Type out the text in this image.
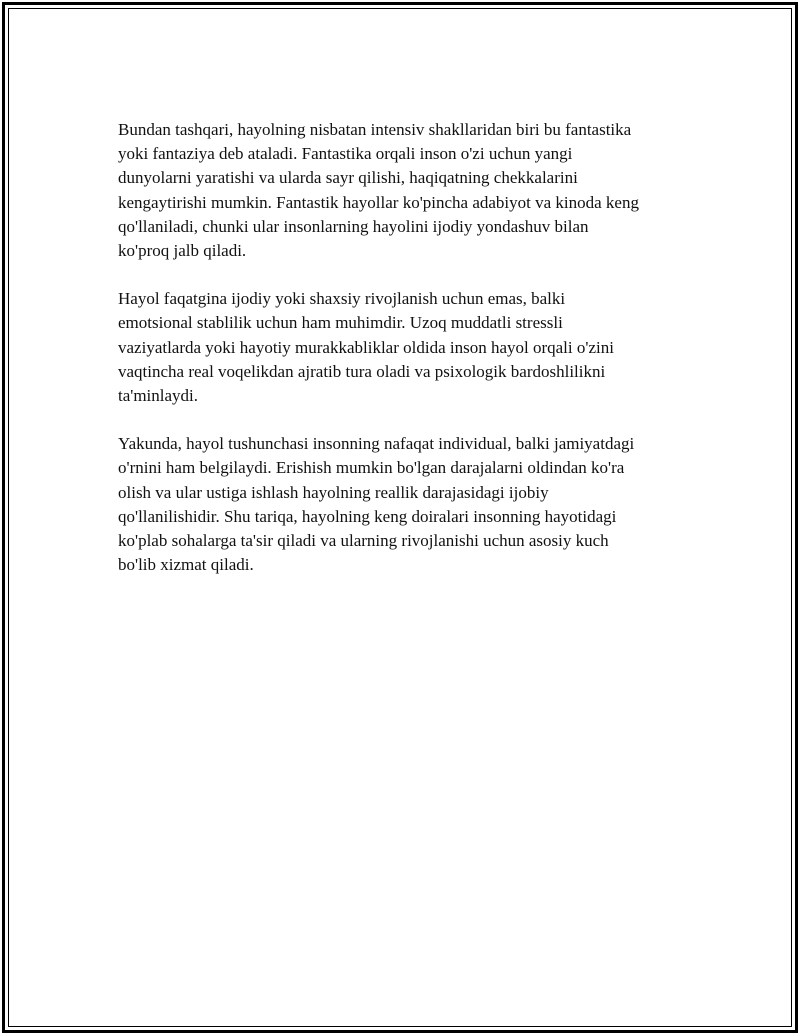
Bundan tashqari, hayolning nisbatan intensiv shakllaridan biri bu fantastika
yoki fantaziya deb ataladi. Fantastika orqali inson o'zi uchun yangi
dunyolarni yaratishi va ularda sayr qilishi, haqiqatning chekkalarini
kengaytirishi mumkin. Fantastik hayollar ko'pincha adabiyot va kinoda keng
qo'llaniladi, chunki ular insonlarning hayolini ijodiy yondashuv bilan
ko'proq jalb qiladi.

Hayol faqatgina ijodiy yoki shaxsiy rivojlanish uchun emas, balki
emotsional stablilik uchun ham muhimdir. Uzoq muddatli stressli
vaziyatlarda yoki hayotiy murakkabliklar oldida inson hayol orqali o'zini
vaqtincha real voqelikdan ajratib tura oladi va psixologik bardoshlilikni
ta'minlaydi.

Yakunda, hayol tushunchasi insonning nafaqat individual, balki jamiyatdagi
o'rnini ham belgilaydi. Erishish mumkin bo'lgan darajalarni oldindan ko'ra
olish va ular ustiga ishlash hayolning reallik darajasidagi ijobiy
qo'llanilishidir. Shu tariqa, hayolning keng doiralari insonning hayotidagi
ko'plab sohalarga ta'sir qiladi va ularning rivojlanishi uchun asosiy kuch
bo'lib xizmat qiladi.
